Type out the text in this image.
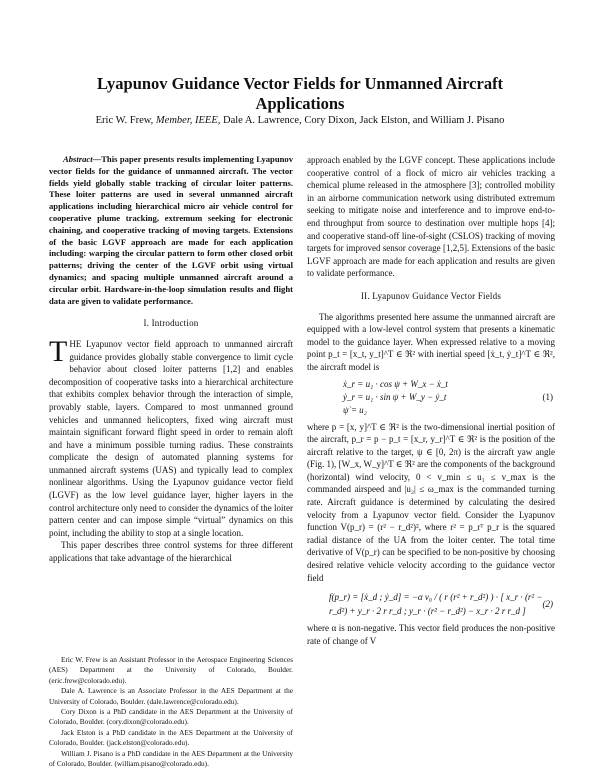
Lyapunov Guidance Vector Fields for Unmanned Aircraft Applications
Eric W. Frew, Member, IEEE, Dale A. Lawrence, Cory Dixon, Jack Elston, and William J. Pisano

Abstract—This paper presents results implementing Lyapunov vector fields for the guidance of unmanned aircraft. The vector fields yield globally stable tracking of circular loiter patterns. These loiter patterns are used in several unmanned aircraft applications including hierarchical micro air vehicle control for cooperative plume tracking, extremum seeking for electronic chaining, and cooperative tracking of moving targets. Extensions of the basic LGVF approach are made for each application including: warping the circular pattern to form other closed orbit patterns; driving the center of the LGVF orbit using virtual dynamics; and spacing multiple unmanned aircraft around a circular orbit. Hardware-in-the-loop simulation results and flight data are given to validate performance.

I. Introduction

THE Lyapunov vector field approach to unmanned aircraft guidance provides globally stable convergence to limit cycle behavior about closed loiter patterns [1,2] and enables decomposition of cooperative tasks into a hierarchical architecture that exhibits complex behavior through the interaction of simple, provably stable, layers. Compared to most unmanned ground vehicles and unmanned helicopters, fixed wing aircraft must maintain significant forward flight speed in order to remain aloft and have a minimum possible turning radius. These constraints complicate the design of automated planning systems for unmanned aircraft systems (UAS) and typically lead to complex nonlinear algorithms. Using the Lyapunov guidance vector field (LGVF) as the low level guidance layer, higher layers in the control architecture only need to consider the dynamics of the loiter pattern center and can impose simple “virtual” dynamics on this point, including the ability to stop at a single location.

This paper describes three control systems for three different applications that take advantage of the hierarchical

Eric W. Frew is an Assistant Professor in the Aerospace Engineering Sciences (AES) Department at the University of Colorado, Boulder. (eric.frew@colorado.edu).

Dale A. Lawrence is an Associate Professor in the AES Department at the University of Colorado, Boulder. (dale.lawrence@colorado.edu).

Cory Dixon is a PhD candidate in the AES Department at the University of Colorado, Boulder. (cory.dixon@colorado.edu).

Jack Elston is a PhD candidate in the AES Department at the University of Colorado, Boulder. (jack.elston@colorado.edu).

William J. Pisano is a PhD candidate in the AES Department at the University of Colorado, Boulder. (william.pisano@colorado.edu).

approach enabled by the LGVF concept. These applications include cooperative control of a flock of micro air vehicles tracking a chemical plume released in the atmosphere [3]; controlled mobility in an airborne communication network using distributed extremum seeking to mitigate noise and interference and to improve end-to-end throughput from source to destination over multiple hops [4]; and cooperative stand-off line-of-sight (CSLOS) tracking of moving targets for improved sensor coverage [1,2,5]. Extensions of the basic LGVF approach are made for each application and results are given to validate performance.

II. Lyapunov Guidance Vector Fields

The algorithms presented here assume the unmanned aircraft are equipped with a low-level control system that presents a kinematic model to the guidance layer. When expressed relative to a moving point p_t = [x_t, y_t]^T ∈ ℜ² with inertial speed [ẋ_t, ẏ_t]^T ∈ ℜ², the aircraft model is

ẋ_r = u₁ · cos ψ + W_x − ẋ_t
ẏ_r = u₁ · sin ψ + W_y − ẏ_t
ψ̇ = u₂
(1)

where p = [x, y]^T ∈ ℜ² is the two-dimensional inertial position of the aircraft, p_r = p − p_t = [x_r, y_r]^T ∈ ℜ² is the position of the aircraft relative to the target, ψ ∈ [0, 2π) is the aircraft yaw angle (Fig. 1), [W_x, W_y]^T ∈ ℜ² are the components of the background (horizontal) wind velocity, 0 < v_min ≤ u₁ ≤ v_max is the commanded airspeed and |u₂| ≤ ω_max is the commanded turning rate. Aircraft guidance is determined by calculating the desired velocity from a Lyapunov vector field. Consider the Lyapunov function V(p_r) = (r² − r_d²)², where r² = p_rᵀ p_r is the squared radial distance of the UA from the loiter center. The total time derivative of V(p_r) can be specified to be non-positive by choosing desired relative vehicle velocity according to the guidance vector field

f(p_r) = [ẋ_d ; ẏ_d] = −α v₀ / ( r (r² + r_d²) ) · [ x_r · (r² − r_d²) + y_r · 2 r r_d ; y_r · (r² − r_d²) − x_r · 2 r r_d ]
(2)

where α is non-negative. This vector field produces the non-positive rate of change of V
